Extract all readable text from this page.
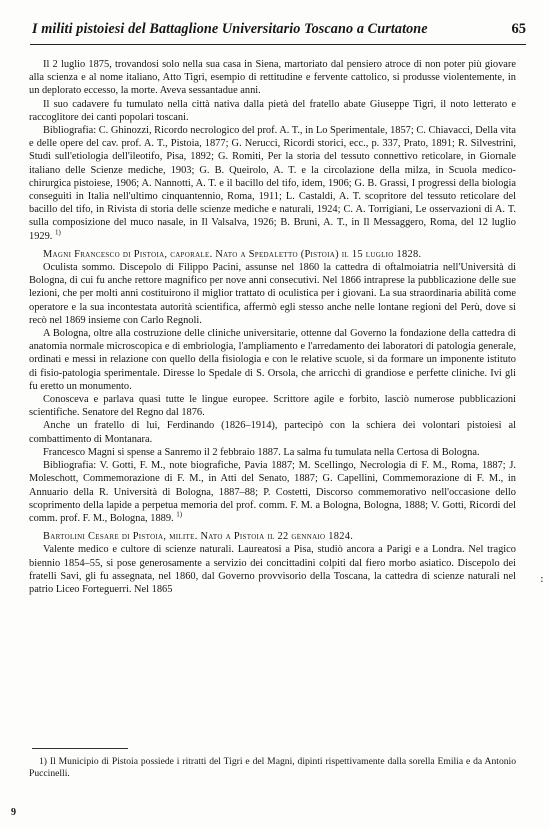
I militi pistoiesi del Battaglione Universitario Toscano a Curtatone	65

Il 2 luglio 1875, trovandosi solo nella sua casa in Siena, martoriato dal pensiero atroce di non poter più giovare alla scienza e al nome italiano, Atto Tigri, esempio di rettitudine e fervente cattolico, si produsse violentemente, in un deplorato eccesso, la morte. Aveva sessantadue anni.

Il suo cadavere fu tumulato nella città nativa dalla pietà del fratello abate Giuseppe Tigri, il noto letterato e raccoglitore dei canti popolari toscani.

Bibliografia: C. Ghinozzi, Ricordo necrologico del prof. A. T., in Lo Sperimentale, 1857; C. Chiavacci, Della vita e delle opere del cav. prof. A. T., Pistoia, 1877; G. Nerucci, Ricordi storici, ecc., p. 337, Prato, 1891; R. Silvestrini, Studi sull'etiologia dell'ileotifo, Pisa, 1892; G. Romiti, Per la storia del tessuto connettivo reticolare, in Giornale italiano delle Scienze mediche, 1903; G. B. Queirolo, A. T. e la circolazione della milza, in Scuola medico-chirurgica pistoiese, 1906; A. Nannotti, A. T. e il bacillo del tifo, idem, 1906; G. B. Grassi, I progressi della biologia conseguiti in Italia nell'ultimo cinquantennio, Roma, 1911; L. Castaldi, A. T. scopritore del tessuto reticolare del bacillo del tifo, in Rivista di storia delle scienze mediche e naturali, 1924; C. A. Torrigiani, Le osservazioni di A. T. sulla composizione del muco nasale, in Il Valsalva, 1926; B. Bruni, A. T., in Il Messaggero, Roma, del 12 luglio 1929. $^{1)}$

Magni Francesco di Pistoia, caporale. Nato a Spedaletto (Pistoia) il 15 luglio 1828.

Oculista sommo. Discepolo di Filippo Pacini, assunse nel 1860 la cattedra di oftalmoiatria nell'Università di Bologna, di cui fu anche rettore magnifico per nove anni consecutivi. Nel 1866 intraprese la pubblicazione delle sue lezioni, che per molti anni costituirono il miglior trattato di oculistica per i giovani. La sua straordinaria abilità come operatore e la sua incontestata autorità scientifica, affermò egli stesso anche nelle lontane regioni del Perù, dove si recò nel 1869 insieme con Carlo Regnoli.

A Bologna, oltre alla costruzione delle cliniche universitarie, ottenne dal Governo la fondazione della cattedra di anatomia normale microscopica e di embriologia, l'ampliamento e l'arredamento dei laboratori di patologia generale, ordinati e messi in relazione con quello della fisiologia e con le relative scuole, sì da formare un imponente istituto di fisio-patologia sperimentale. Diresse lo Spedale di S. Orsola, che arricchì di grandiose e perfette cliniche. Ivi gli fu eretto un monumento.

Conosceva e parlava quasi tutte le lingue europee. Scrittore agile e forbito, lasciò numerose pubblicazioni scientifiche. Senatore del Regno dal 1876.

Anche un fratello di lui, Ferdinando (1826–1914), partecipò con la schiera dei volontari pistoiesi al combattimento di Montanara.

Francesco Magni si spense a Sanremo il 2 febbraio 1887. La salma fu tumulata nella Certosa di Bologna.

Bibliografia: V. Gotti, F. M., note biografiche, Pavia 1887; M. Scellingo, Necrologia di F. M., Roma, 1887; J. Moleschott, Commemorazione di F. M., in Atti del Senato, 1887; G. Capellini, Commemorazione di F. M., in Annuario della R. Università di Bologna, 1887–88; P. Costetti, Discorso commemorativo nell'occasione dello scoprimento della lapide a perpetua memoria del prof. comm. F. M. a Bologna, Bologna, 1888; V. Gotti, Ricordi del comm. prof. F. M., Bologna, 1889. $^{1)}$

Bartolini Cesare di Pistoia, milite. Nato a Pistoia il 22 gennaio 1824.

Valente medico e cultore di scienze naturali. Laureatosi a Pisa, studiò ancora a Parigi e a Londra. Nel tragico biennio 1854–55, si pose generosamente a servizio dei concittadini colpiti dal fiero morbo asiatico. Discepolo dei fratelli Savi, gli fu assegnata, nel 1860, dal Governo provvisorio della Toscana, la cattedra di scienze naturali nel patrio Liceo Forteguerri. Nel 1865

1) Il Municipio di Pistoia possiede i ritratti del Tigri e del Magni, dipinti rispettivamente dalla sorella Emilia e da Antonio Puccinelli.
9
:
